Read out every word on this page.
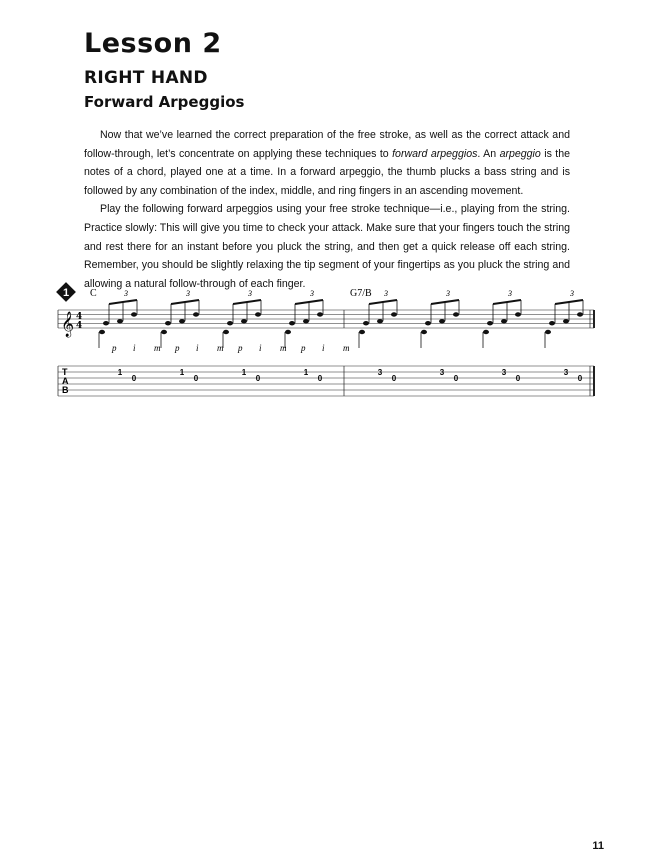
Lesson 2
RIGHT HAND
Forward Arpeggios

Now that we’ve learned the correct preparation of the free stroke, as well as the correct attack and follow-through, let’s concentrate on applying these techniques to forward arpeggios. An arpeggio is the notes of a chord, played one at a time. In a forward arpeggio, the thumb plucks a bass string and is followed by any combination of the index, middle, and ring fingers in an ascending movement.

Play the following forward arpeggios using your free stroke technique—i.e., playing from the string. Practice slowly: This will give you time to check your attack. Make sure that your fingers touch the string and rest there for an instant before you pluck the string, and then get a quick release off each string. Remember, you should be slightly relaxing the tip segment of your fingertips as you pluck the string and allowing a natural follow-through of each finger.

1 C	G7/B
𝄞 4
4
3	3	3	3	3	3	3	3
p i m p i m p i m p i m
T
A
B
1
0
1
0
1
0
1
0
3
0
3
0
3
0
3
0
11
